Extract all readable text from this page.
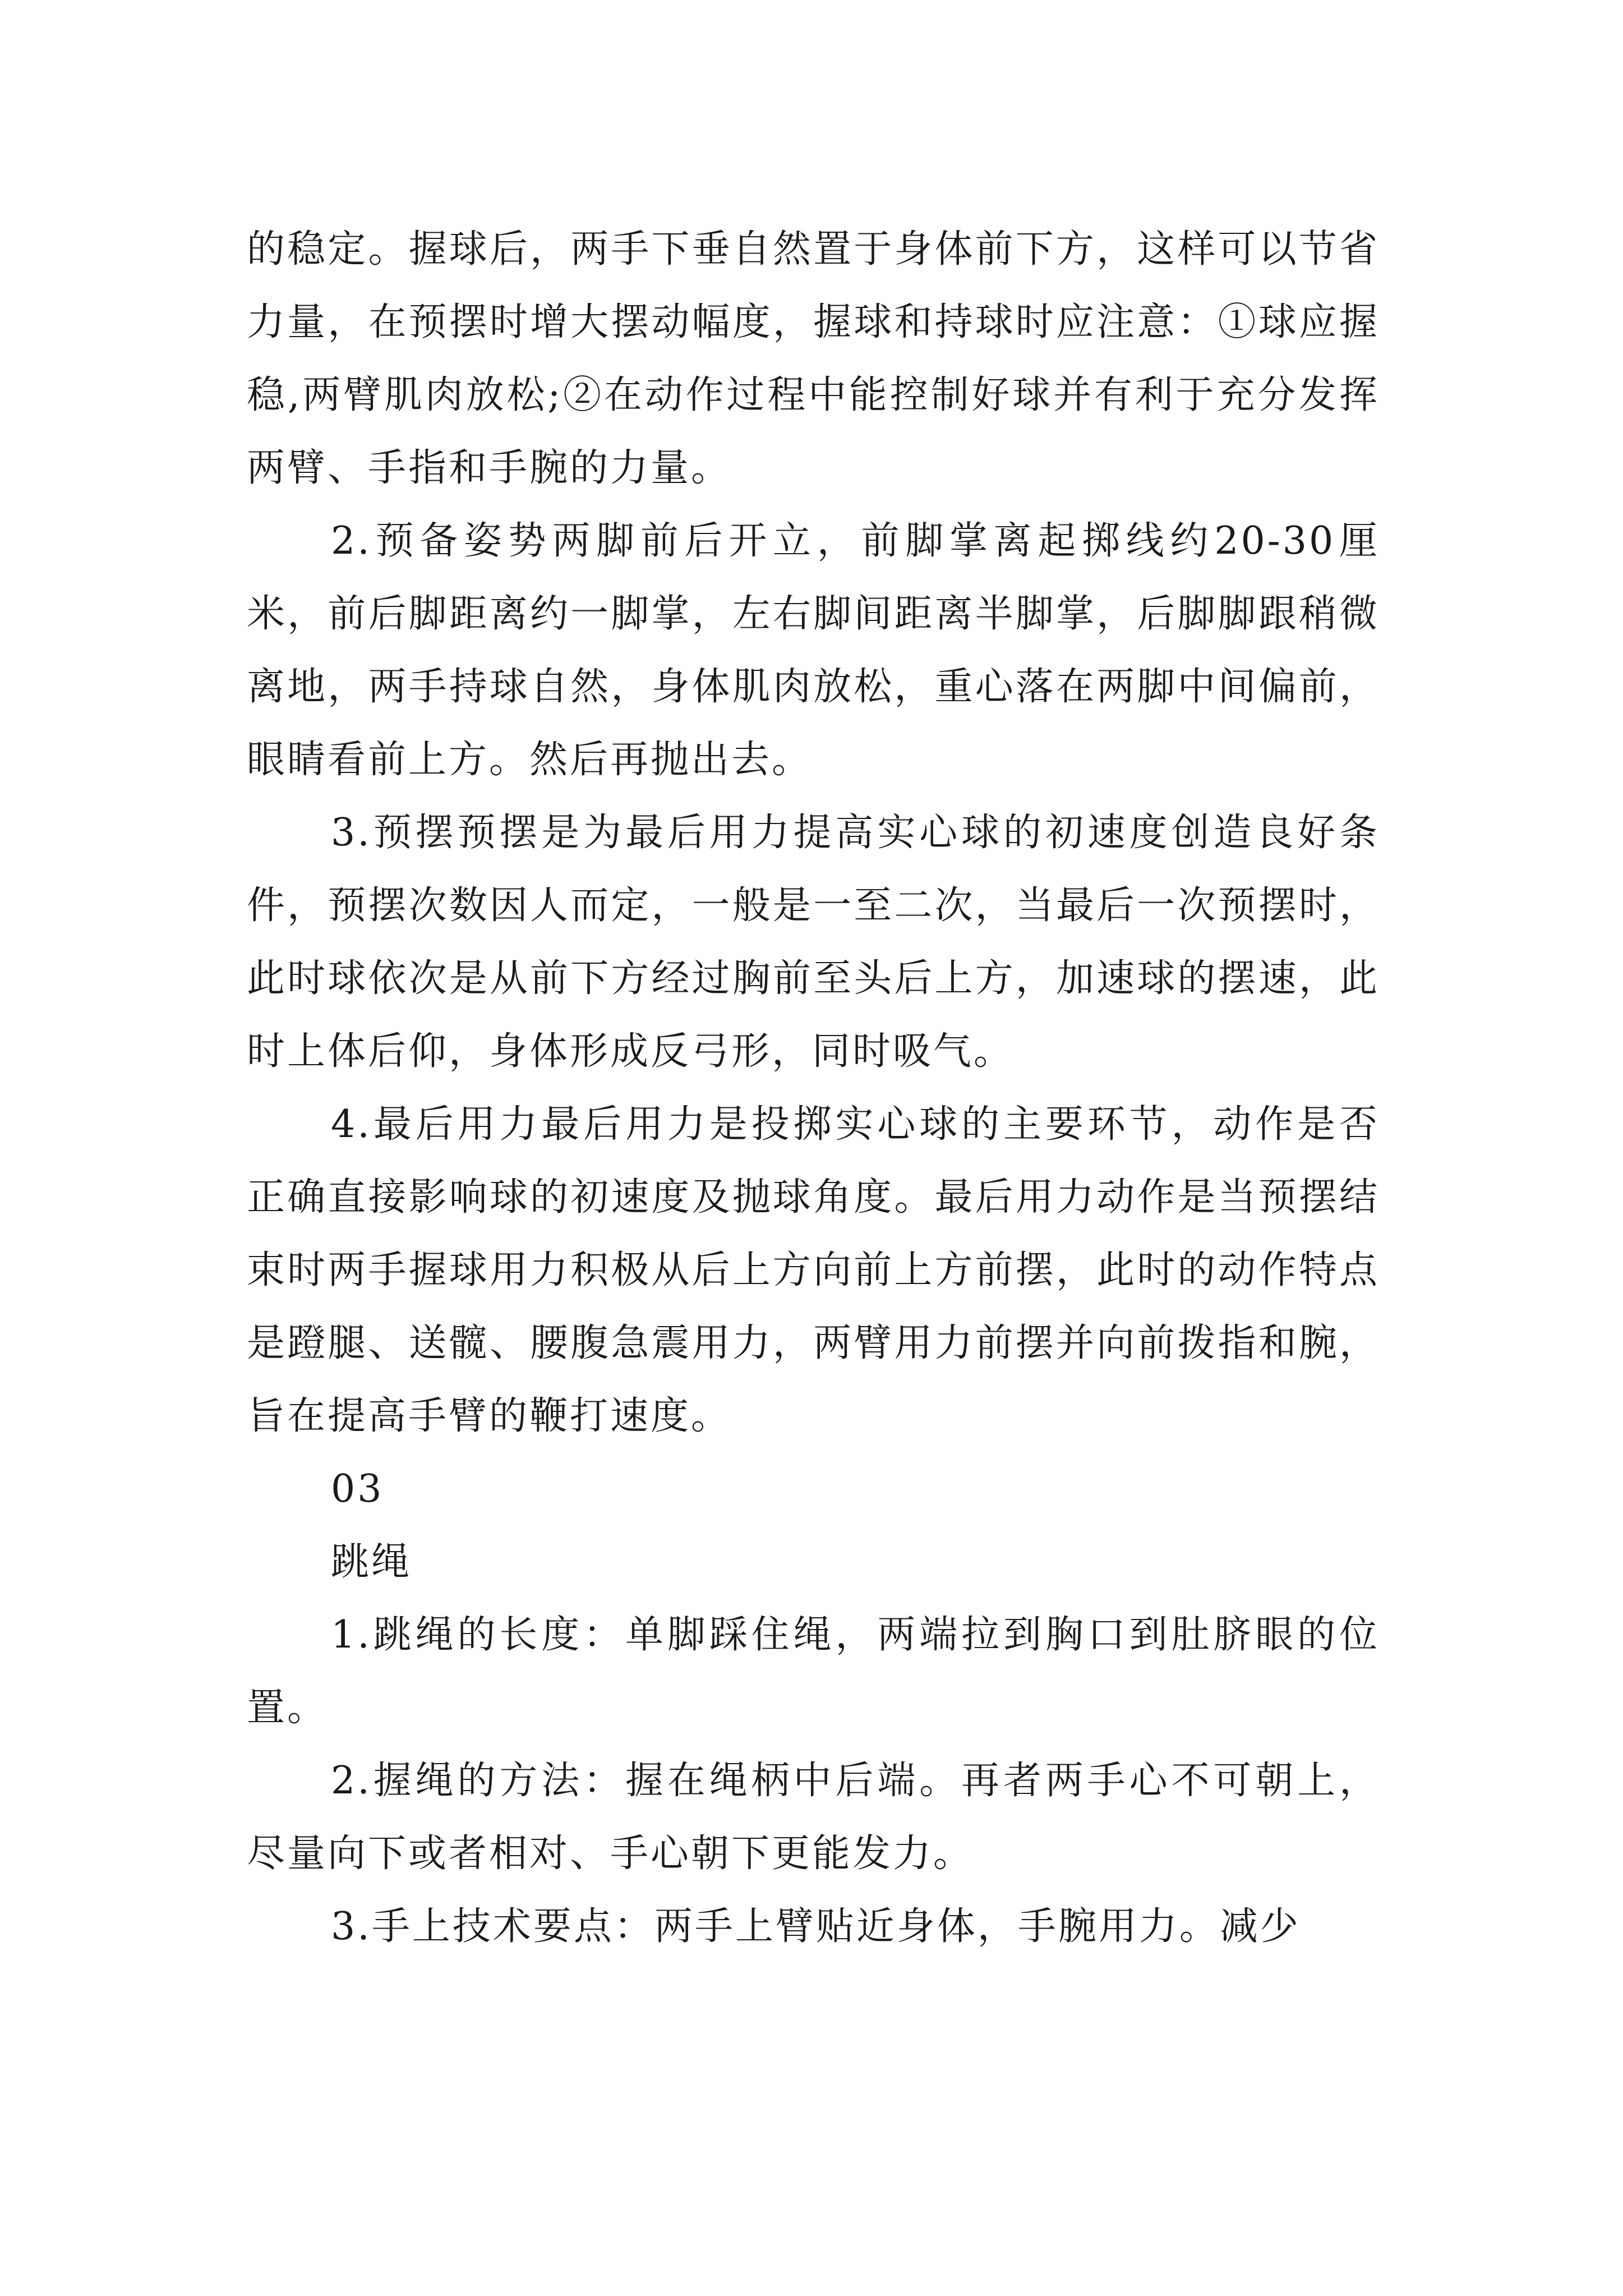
的稳定。握球后，两手下垂自然置于身体前下方，这样可以节省力量，在预摆时增大摆动幅度，握球和持球时应注意：①球应握稳,两臂肌肉放松;②在动作过程中能控制好球并有利于充分发挥两臂、手指和手腕的力量。

2.预备姿势两脚前后开立，前脚掌离起掷线约20-30厘米，前后脚距离约一脚掌，左右脚间距离半脚掌，后脚脚跟稍微离地，两手持球自然，身体肌肉放松，重心落在两脚中间偏前，眼睛看前上方。然后再抛出去。

3.预摆预摆是为最后用力提高实心球的初速度创造良好条件，预摆次数因人而定，一般是一至二次，当最后一次预摆时，此时球依次是从前下方经过胸前至头后上方，加速球的摆速，此时上体后仰，身体形成反弓形，同时吸气。

4.最后用力最后用力是投掷实心球的主要环节，动作是否正确直接影响球的初速度及抛球角度。最后用力动作是当预摆结束时两手握球用力积极从后上方向前上方前摆，此时的动作特点是蹬腿、送髋、腰腹急震用力，两臂用力前摆并向前拨指和腕，旨在提高手臂的鞭打速度。

03

跳绳

1.跳绳的长度：单脚踩住绳，两端拉到胸口到肚脐眼的位置。

2.握绳的方法：握在绳柄中后端。再者两手心不可朝上，尽量向下或者相对、手心朝下更能发力。

3.手上技术要点：两手上臂贴近身体，手腕用力。减少
